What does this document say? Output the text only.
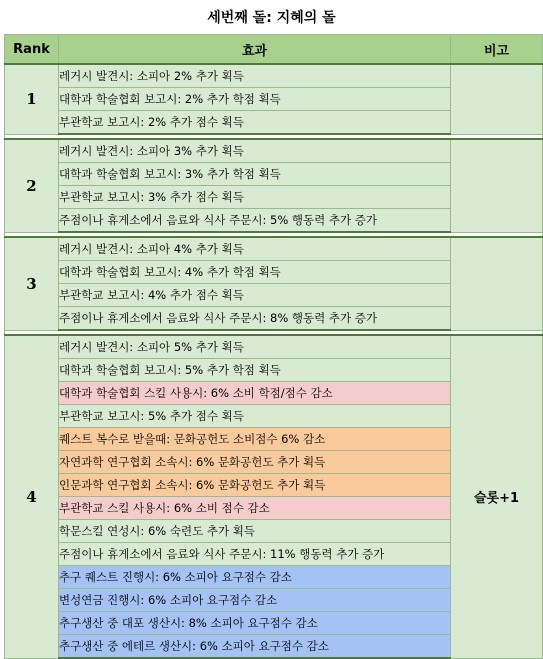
세번째 돌: 지혜의 돌
Rank	효과	비고
1	레거시 발견시: 소피아 2% 추가 획득	
	대학과 학술협회 보고시: 2% 추가 학점 획득	
	부관학교 보고시: 2% 추가 점수 획득	

2	레거시 발견시: 소피아 3% 추가 획득	
	대학과 학술협회 보고시: 3% 추가 학점 획득	
	부관학교 보고시: 3% 추가 점수 획득	
	주점이나 휴게소에서 음료와 식사 주문시: 5% 행동력 추가 증가	

3	레거시 발견시: 소피아 4% 추가 획득	
	대학과 학술협회 보고시: 4% 추가 학점 획득	
	부관학교 보고시: 4% 추가 점수 획득	
	주점이나 휴게소에서 음료와 식사 주문시: 8% 행동력 추가 증가	

4	레거시 발견시: 소피아 5% 추가 획득	슬롯+1
	대학과 학술협회 보고시: 5% 추가 학점 획득	
	대학과 학술협회 스킬 사용시: 6% 소비 학점/점수 감소	
	부관학교 보고시: 5% 추가 점수 획득	
	퀘스트 복수로 받을때: 문화공헌도 소비점수 6% 감소	
	자연과학 연구협회 소속시: 6% 문화공헌도 추가 획득	
	인문과학 연구협회 소속시: 6% 문화공헌도 추가 획득	
	부관학교 스킬 사용시: 6% 소비 점수 감소	
	학문스킬 연성시: 6% 숙련도 추가 획득	
	주점이나 휴게소에서 음료와 식사 주문시: 11% 행동력 추가 증가	
	추구 퀘스트 진행시: 6% 소피아 요구점수 감소	
	변성연금 진행시: 6% 소피아 요구점수 감소	
	추구생산 중 대포 생산시: 8% 소피아 요구점수 감소	
	추구생산 중 에테르 생산시: 6% 소피아 요구점수 감소	
